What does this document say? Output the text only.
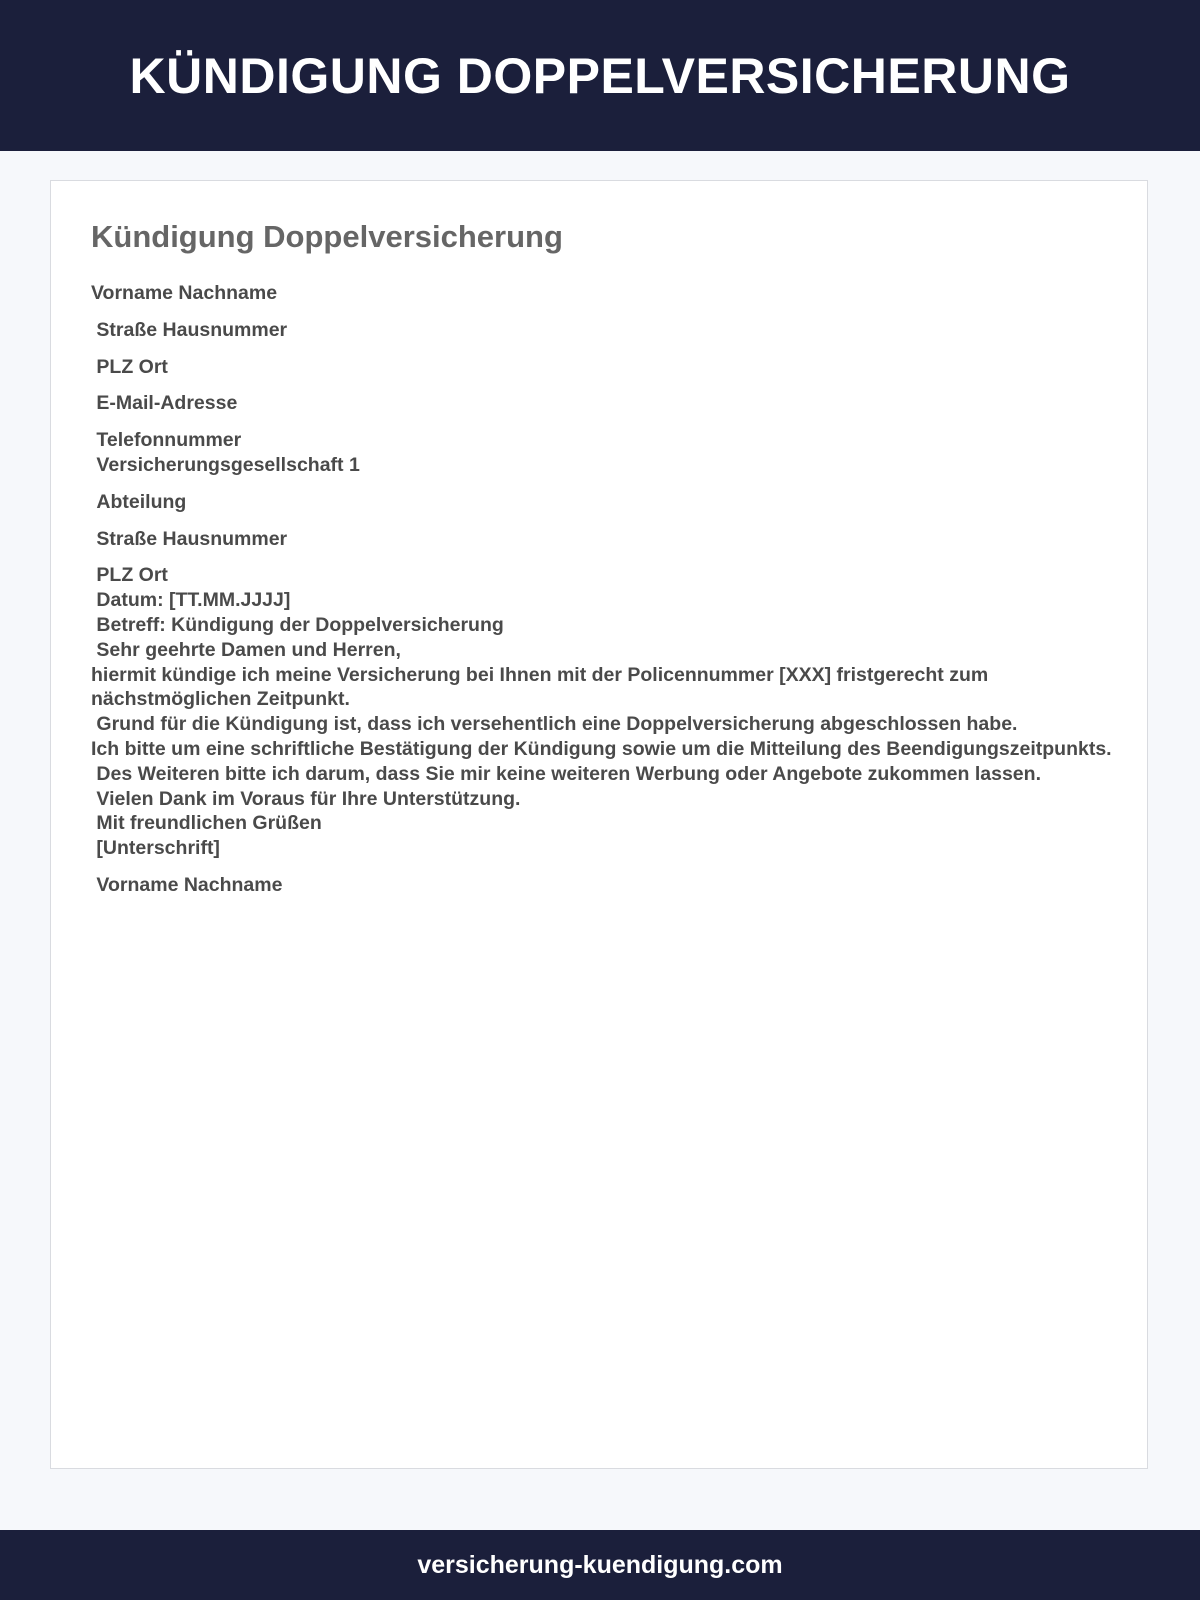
KÜNDIGUNG DOPPELVERSICHERUNG
Kündigung Doppelversicherung
Vorname Nachname
Straße Hausnummer
PLZ Ort
E-Mail-Adresse
Telefonnummer
Versicherungsgesellschaft 1
Abteilung
Straße Hausnummer
PLZ Ort
Datum: [TT.MM.JJJJ]
Betreff: Kündigung der Doppelversicherung
Sehr geehrte Damen und Herren,
hiermit kündige ich meine Versicherung bei Ihnen mit der Policennummer [XXX] fristgerecht zum nächstmöglichen Zeitpunkt.
Grund für die Kündigung ist, dass ich versehentlich eine Doppelversicherung abgeschlossen habe.
Ich bitte um eine schriftliche Bestätigung der Kündigung sowie um die Mitteilung des Beendigungszeitpunkts.
Des Weiteren bitte ich darum, dass Sie mir keine weiteren Werbung oder Angebote zukommen lassen.
Vielen Dank im Voraus für Ihre Unterstützung.
Mit freundlichen Grüßen
[Unterschrift]
Vorname Nachname
versicherung-kuendigung.com
